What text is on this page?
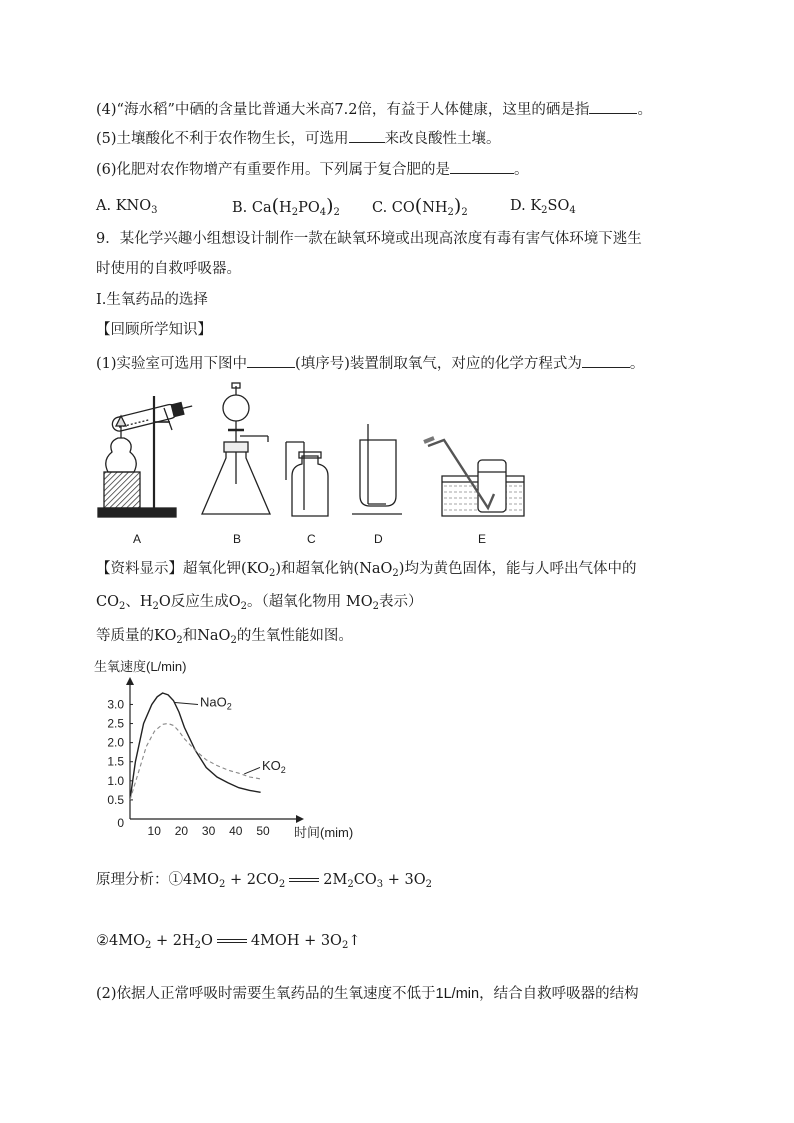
(4)“海水稻”中硒的含量比普通大米高7.2倍，有益于人体健康，这里的硒是指	。
(5)土壤酸化不利于农作物生长，可选用 来改良酸性土壤。
(6)化肥对农作物增产有重要作用。下列属于复合肥的是	。
A. $KNO_3$	B. $Ca(H_2PO_4)_2$ C. $CO(NH_2)_2$	D. $K_2SO_4$
9．某化学兴趣小组想设计制作一款在缺氧环境或出现高浓度有毒有害气体环境下逃生
时使用的自救呼吸器。
Ⅰ.生氧药品的选择
【回顾所学知识】
(1)实验室可选用下图中	(填序号)装置制取氧气，对应的化学方程式为	。
A	B	C	D	E
【资料显示】超氧化钾$(KO_2)$和超氧化钠(NaO$_2$)均为黄色固体，能与人呼出气体中的
$CO_2$、$H_2O$反应生成$O_2$。（超氧化物用 $MO_2$表示）
等质量的$KO_2$和NaO$_2$的生氧性能如图。
生氧速度(L/min)
3.0
2.5
2.0
1.5
1.0
0.5
0
10 20 30 40 50 时间(mim)
NaO$_2$
$KO_2$
原理分析：$①4MO_2 + 2CO_2$	$2M_2CO_3 + 3O_2$
$②4MO_2 + 2H_2O$	$4MOH + 3O_2↑$
(2)依据人正常呼吸时需要生氧药品的生氧速度不低于1L/min，结合自救呼吸器的结构
